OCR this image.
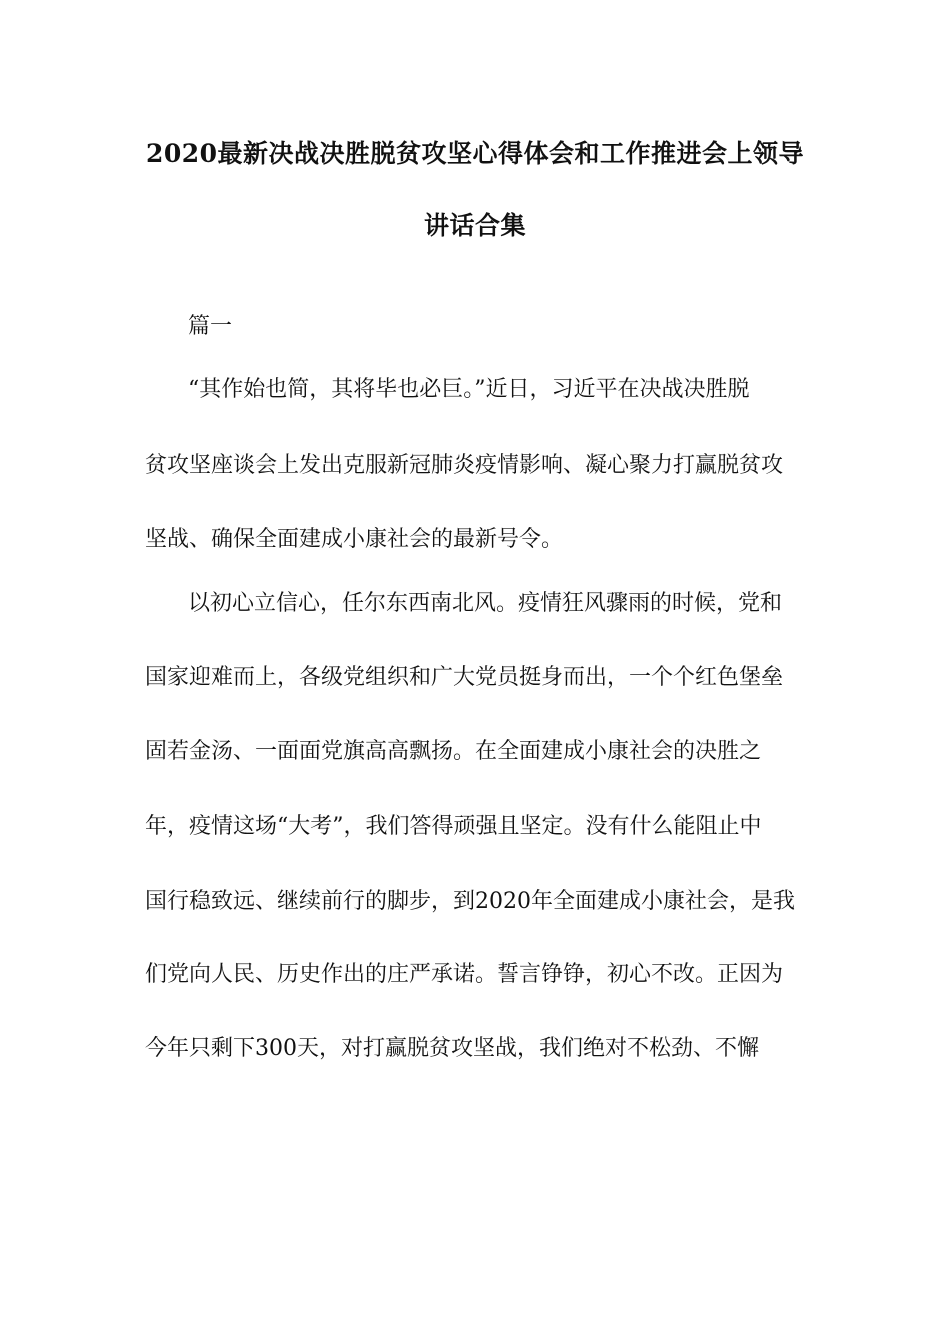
2020最新决战决胜脱贫攻坚心得体会和工作推进会上领导
讲话合集

篇一

“其作始也简，其将毕也必巨。”近日，习近平在决战决胜脱

贫攻坚座谈会上发出克服新冠肺炎疫情影响、凝心聚力打赢脱贫攻

坚战、确保全面建成小康社会的最新号令。

以初心立信心，任尔东西南北风。疫情狂风骤雨的时候，党和

国家迎难而上，各级党组织和广大党员挺身而出，一个个红色堡垒

固若金汤、一面面党旗高高飘扬。在全面建成小康社会的决胜之

年，疫情这场“大考”，我们答得顽强且坚定。没有什么能阻止中

国行稳致远、继续前行的脚步，到2020年全面建成小康社会，是我

们党向人民、历史作出的庄严承诺。誓言铮铮，初心不改。正因为

今年只剩下300天，对打赢脱贫攻坚战，我们绝对不松劲、不懈
